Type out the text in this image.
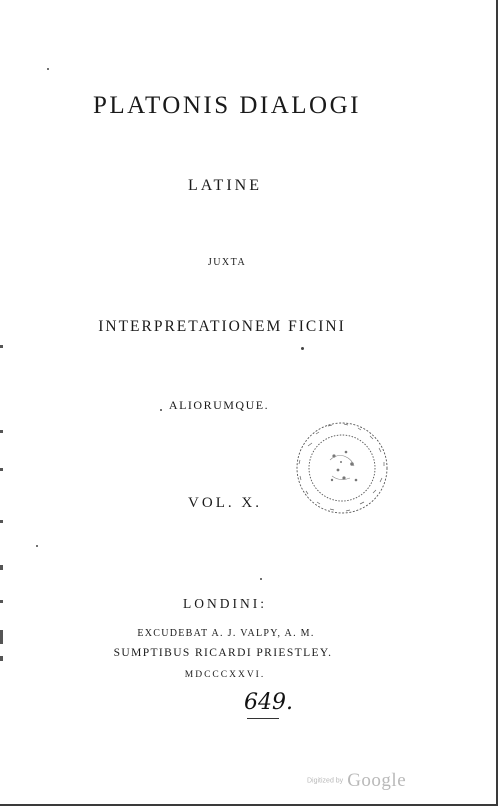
PLATONIS DIALOGI
LATINE
JUXTA
INTERPRETATIONEM FICINI
ALIORUMQUE.
VOL. X.
LONDINI:
EXCUDEBAT A. J. VALPY, A. M.
SUMPTIBUS RICARDI PRIESTLEY.
MDCCCXXVI.
649.
Digitized by Google
